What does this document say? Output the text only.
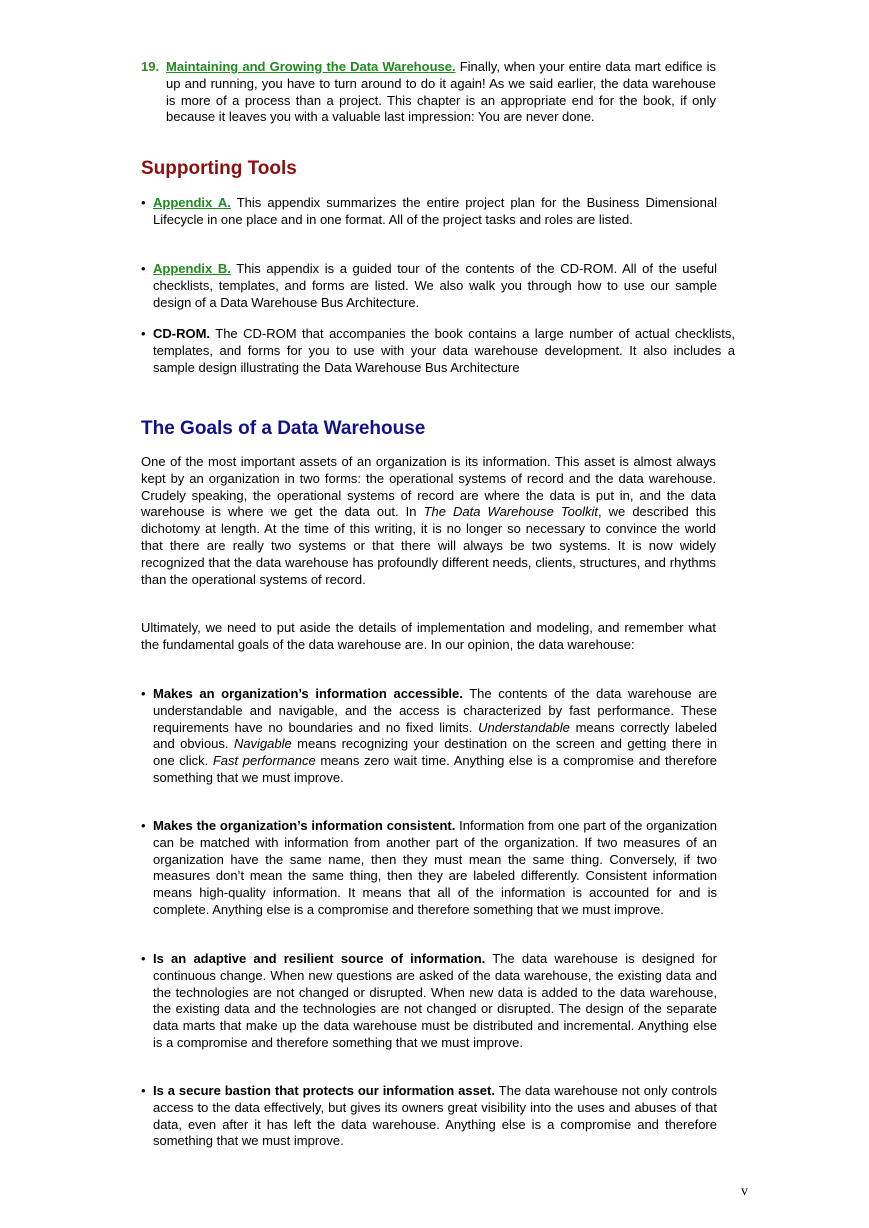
19. Maintaining and Growing the Data Warehouse. Finally, when your entire data mart edifice is up and running, you have to turn around to do it again! As we said earlier, the data warehouse is more of a process than a project. This chapter is an appropriate end for the book, if only because it leaves you with a valuable last impression: You are never done.
Supporting Tools
• Appendix A. This appendix summarizes the entire project plan for the Business Dimensional Lifecycle in one place and in one format. All of the project tasks and roles are listed.
• Appendix B. This appendix is a guided tour of the contents of the CD-ROM. All of the useful checklists, templates, and forms are listed. We also walk you through how to use our sample design of a Data Warehouse Bus Architecture.
• CD-ROM. The CD-ROM that accompanies the book contains a large number of actual checklists, templates, and forms for you to use with your data warehouse development. It also includes a sample design illustrating the Data Warehouse Bus Architecture
The Goals of a Data Warehouse
One of the most important assets of an organization is its information. This asset is almost always kept by an organization in two forms: the operational systems of record and the data warehouse. Crudely speaking, the operational systems of record are where the data is put in, and the data warehouse is where we get the data out. In The Data Warehouse Toolkit, we described this dichotomy at length. At the time of this writing, it is no longer so necessary to convince the world that there are really two systems or that there will always be two systems. It is now widely recognized that the data warehouse has profoundly different needs, clients, structures, and rhythms than the operational systems of record.
Ultimately, we need to put aside the details of implementation and modeling, and remember what the fundamental goals of the data warehouse are. In our opinion, the data warehouse:
• Makes an organization’s information accessible. The contents of the data warehouse are understandable and navigable, and the access is characterized by fast performance. These requirements have no boundaries and no fixed limits. Understandable means correctly labeled and obvious. Navigable means recognizing your destination on the screen and getting there in one click. Fast performance means zero wait time. Anything else is a compromise and therefore something that we must improve.
• Makes the organization’s information consistent. Information from one part of the organization can be matched with information from another part of the organization. If two measures of an organization have the same name, then they must mean the same thing. Conversely, if two measures don’t mean the same thing, then they are labeled differently. Consistent information means high-quality information. It means that all of the information is accounted for and is complete. Anything else is a compromise and therefore something that we must improve.
• Is an adaptive and resilient source of information. The data warehouse is designed for continuous change. When new questions are asked of the data warehouse, the existing data and the technologies are not changed or disrupted. When new data is added to the data warehouse, the existing data and the technologies are not changed or disrupted. The design of the separate data marts that make up the data warehouse must be distributed and incremental. Anything else is a compromise and therefore something that we must improve.
• Is a secure bastion that protects our information asset. The data warehouse not only controls access to the data effectively, but gives its owners great visibility into the uses and abuses of that data, even after it has left the data warehouse. Anything else is a compromise and therefore something that we must improve.
v
